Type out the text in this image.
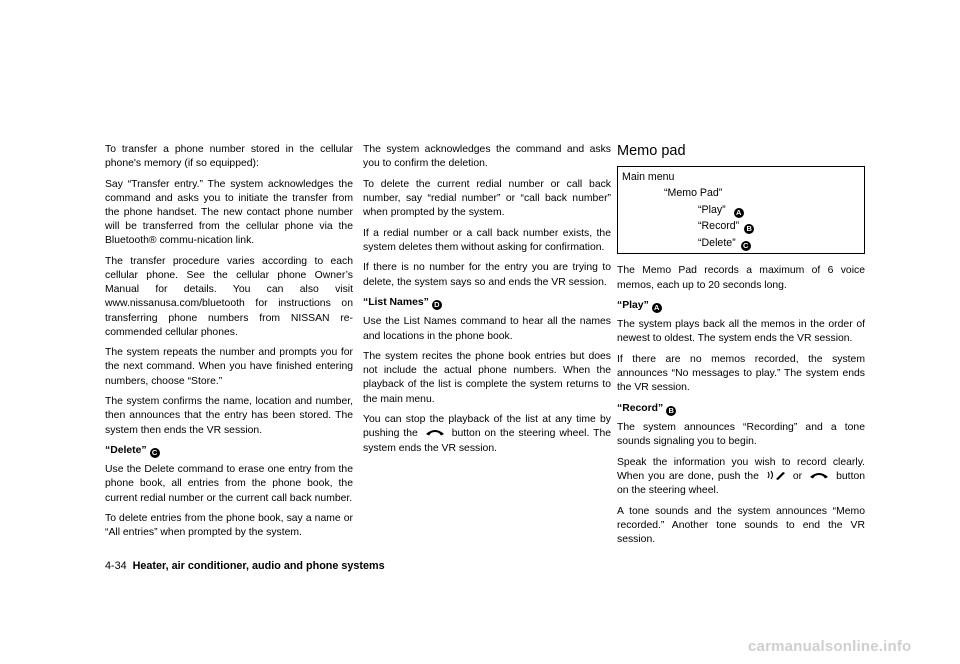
To transfer a phone number stored in the cellular phone's memory (if so equipped):

Say “Transfer entry.” The system acknowledges the command and asks you to initiate the transfer from the phone handset. The new contact phone number will be transferred from the cellular phone via the Bluetooth® commu-nication link.

The transfer procedure varies according to each cellular phone. See the cellular phone Owner’s Manual for details. You can also visit www.nissanusa.com/bluetooth for instructions on transferring phone numbers from NISSAN re-commended cellular phones.

The system repeats the number and prompts you for the next command. When you have finished entering numbers, choose “Store.”

The system confirms the name, location and number, then announces that the entry has been stored. The system then ends the VR session.

“Delete” C

Use the Delete command to erase one entry from the phone book, all entries from the phone book, the current redial number or the current call back number.

To delete entries from the phone book, say a name or “All entries” when prompted by the system.

The system acknowledges the command and asks you to confirm the deletion.

To delete the current redial number or call back number, say “redial number” or “call back number” when prompted by the system.

If a redial number or a call back number exists, the system deletes them without asking for confirmation.

If there is no number for the entry you are trying to delete, the system says so and ends the VR session.

“List Names” D

Use the List Names command to hear all the names and locations in the phone book.

The system recites the phone book entries but does not include the actual phone numbers. When the playback of the list is complete the system returns to the main menu.

You can stop the playback of the list at any time by pushing the	button on the steering wheel. The system ends the VR session.

Memo pad
Main menu
“Memo Pad”
“Play” A
“Record” B
“Delete” C

The Memo Pad records a maximum of 6 voice memos, each up to 20 seconds long.

“Play” A

The system plays back all the memos in the order of newest to oldest. The system ends the VR session.

If there are no memos recorded, the system announces “No messages to play.” The system ends the VR session.

“Record” B

The system announces “Recording” and a tone sounds signaling you to begin.

Speak the information you wish to record clearly. When you are done, push the	or	button on the steering wheel.

A tone sounds and the system announces “Memo recorded.” Another tone sounds to end the VR session.

4-34 Heater, air conditioner, audio and phone systems
carmanualsonline.info
